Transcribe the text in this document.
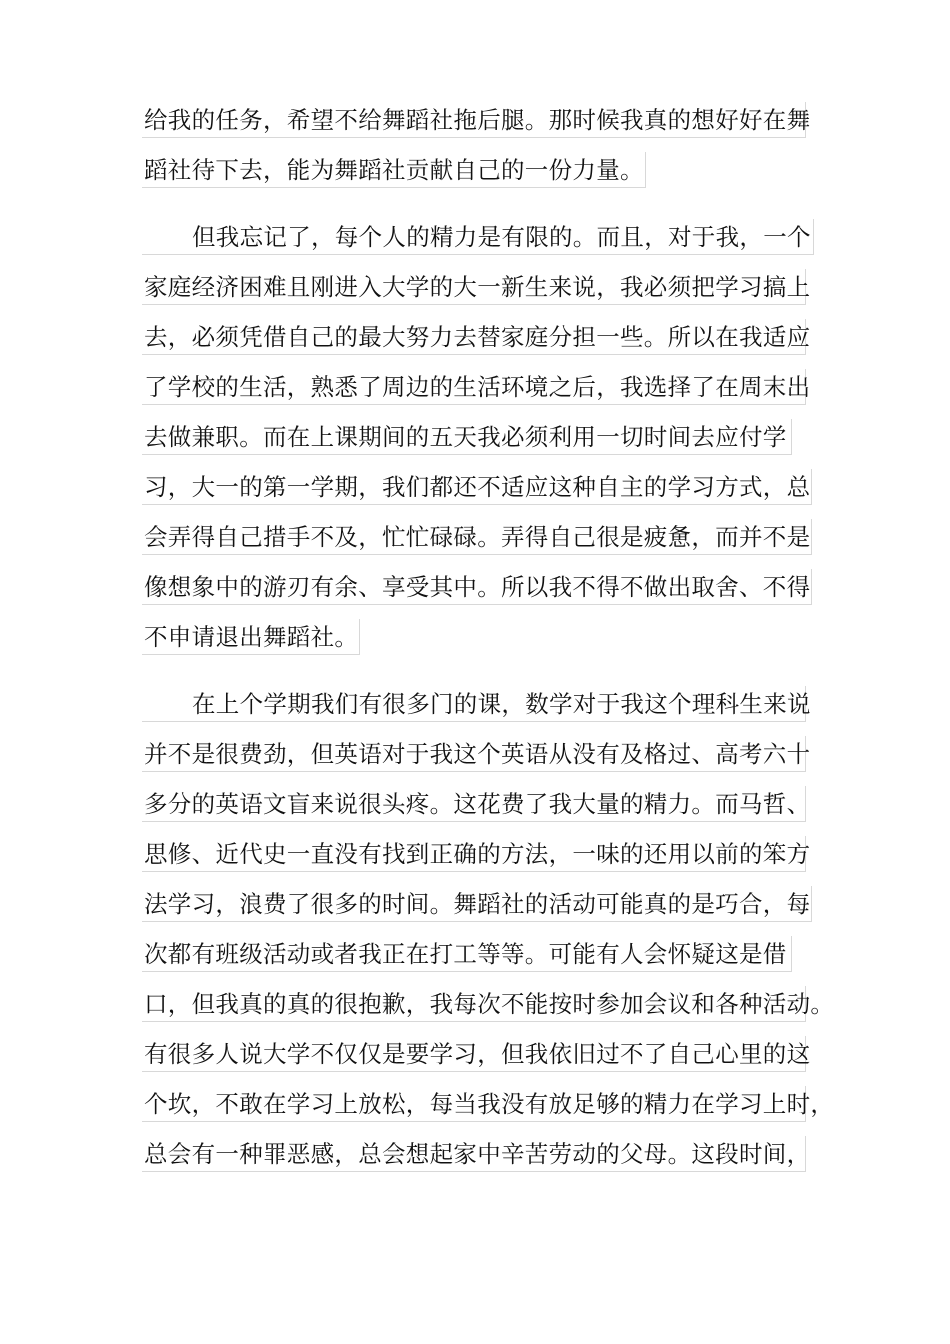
给我的任务，希望不给舞蹈社拖后腿。那时候我真的想好好在舞
蹈社待下去，能为舞蹈社贡献自己的一份力量。
但我忘记了，每个人的精力是有限的。而且，对于我，一个
家庭经济困难且刚进入大学的大一新生来说，我必须把学习搞上
去，必须凭借自己的最大努力去替家庭分担一些。所以在我适应
了学校的生活，熟悉了周边的生活环境之后，我选择了在周末出
去做兼职。而在上课期间的五天我必须利用一切时间去应付学
习，大一的第一学期，我们都还不适应这种自主的学习方式，总
会弄得自己措手不及，忙忙碌碌。弄得自己很是疲惫，而并不是
像想象中的游刃有余、享受其中。所以我不得不做出取舍、不得
不申请退出舞蹈社。
在上个学期我们有很多门的课，数学对于我这个理科生来说
并不是很费劲，但英语对于我这个英语从没有及格过、高考六十
多分的英语文盲来说很头疼。这花费了我大量的精力。而马哲、
思修、近代史一直没有找到正确的方法，一味的还用以前的笨方
法学习，浪费了很多的时间。舞蹈社的活动可能真的是巧合，每
次都有班级活动或者我正在打工等等。可能有人会怀疑这是借
口，但我真的真的很抱歉，我每次不能按时参加会议和各种活动。
有很多人说大学不仅仅是要学习，但我依旧过不了自己心里的这
个坎，不敢在学习上放松，每当我没有放足够的精力在学习上时，
总会有一种罪恶感，总会想起家中辛苦劳动的父母。这段时间，
